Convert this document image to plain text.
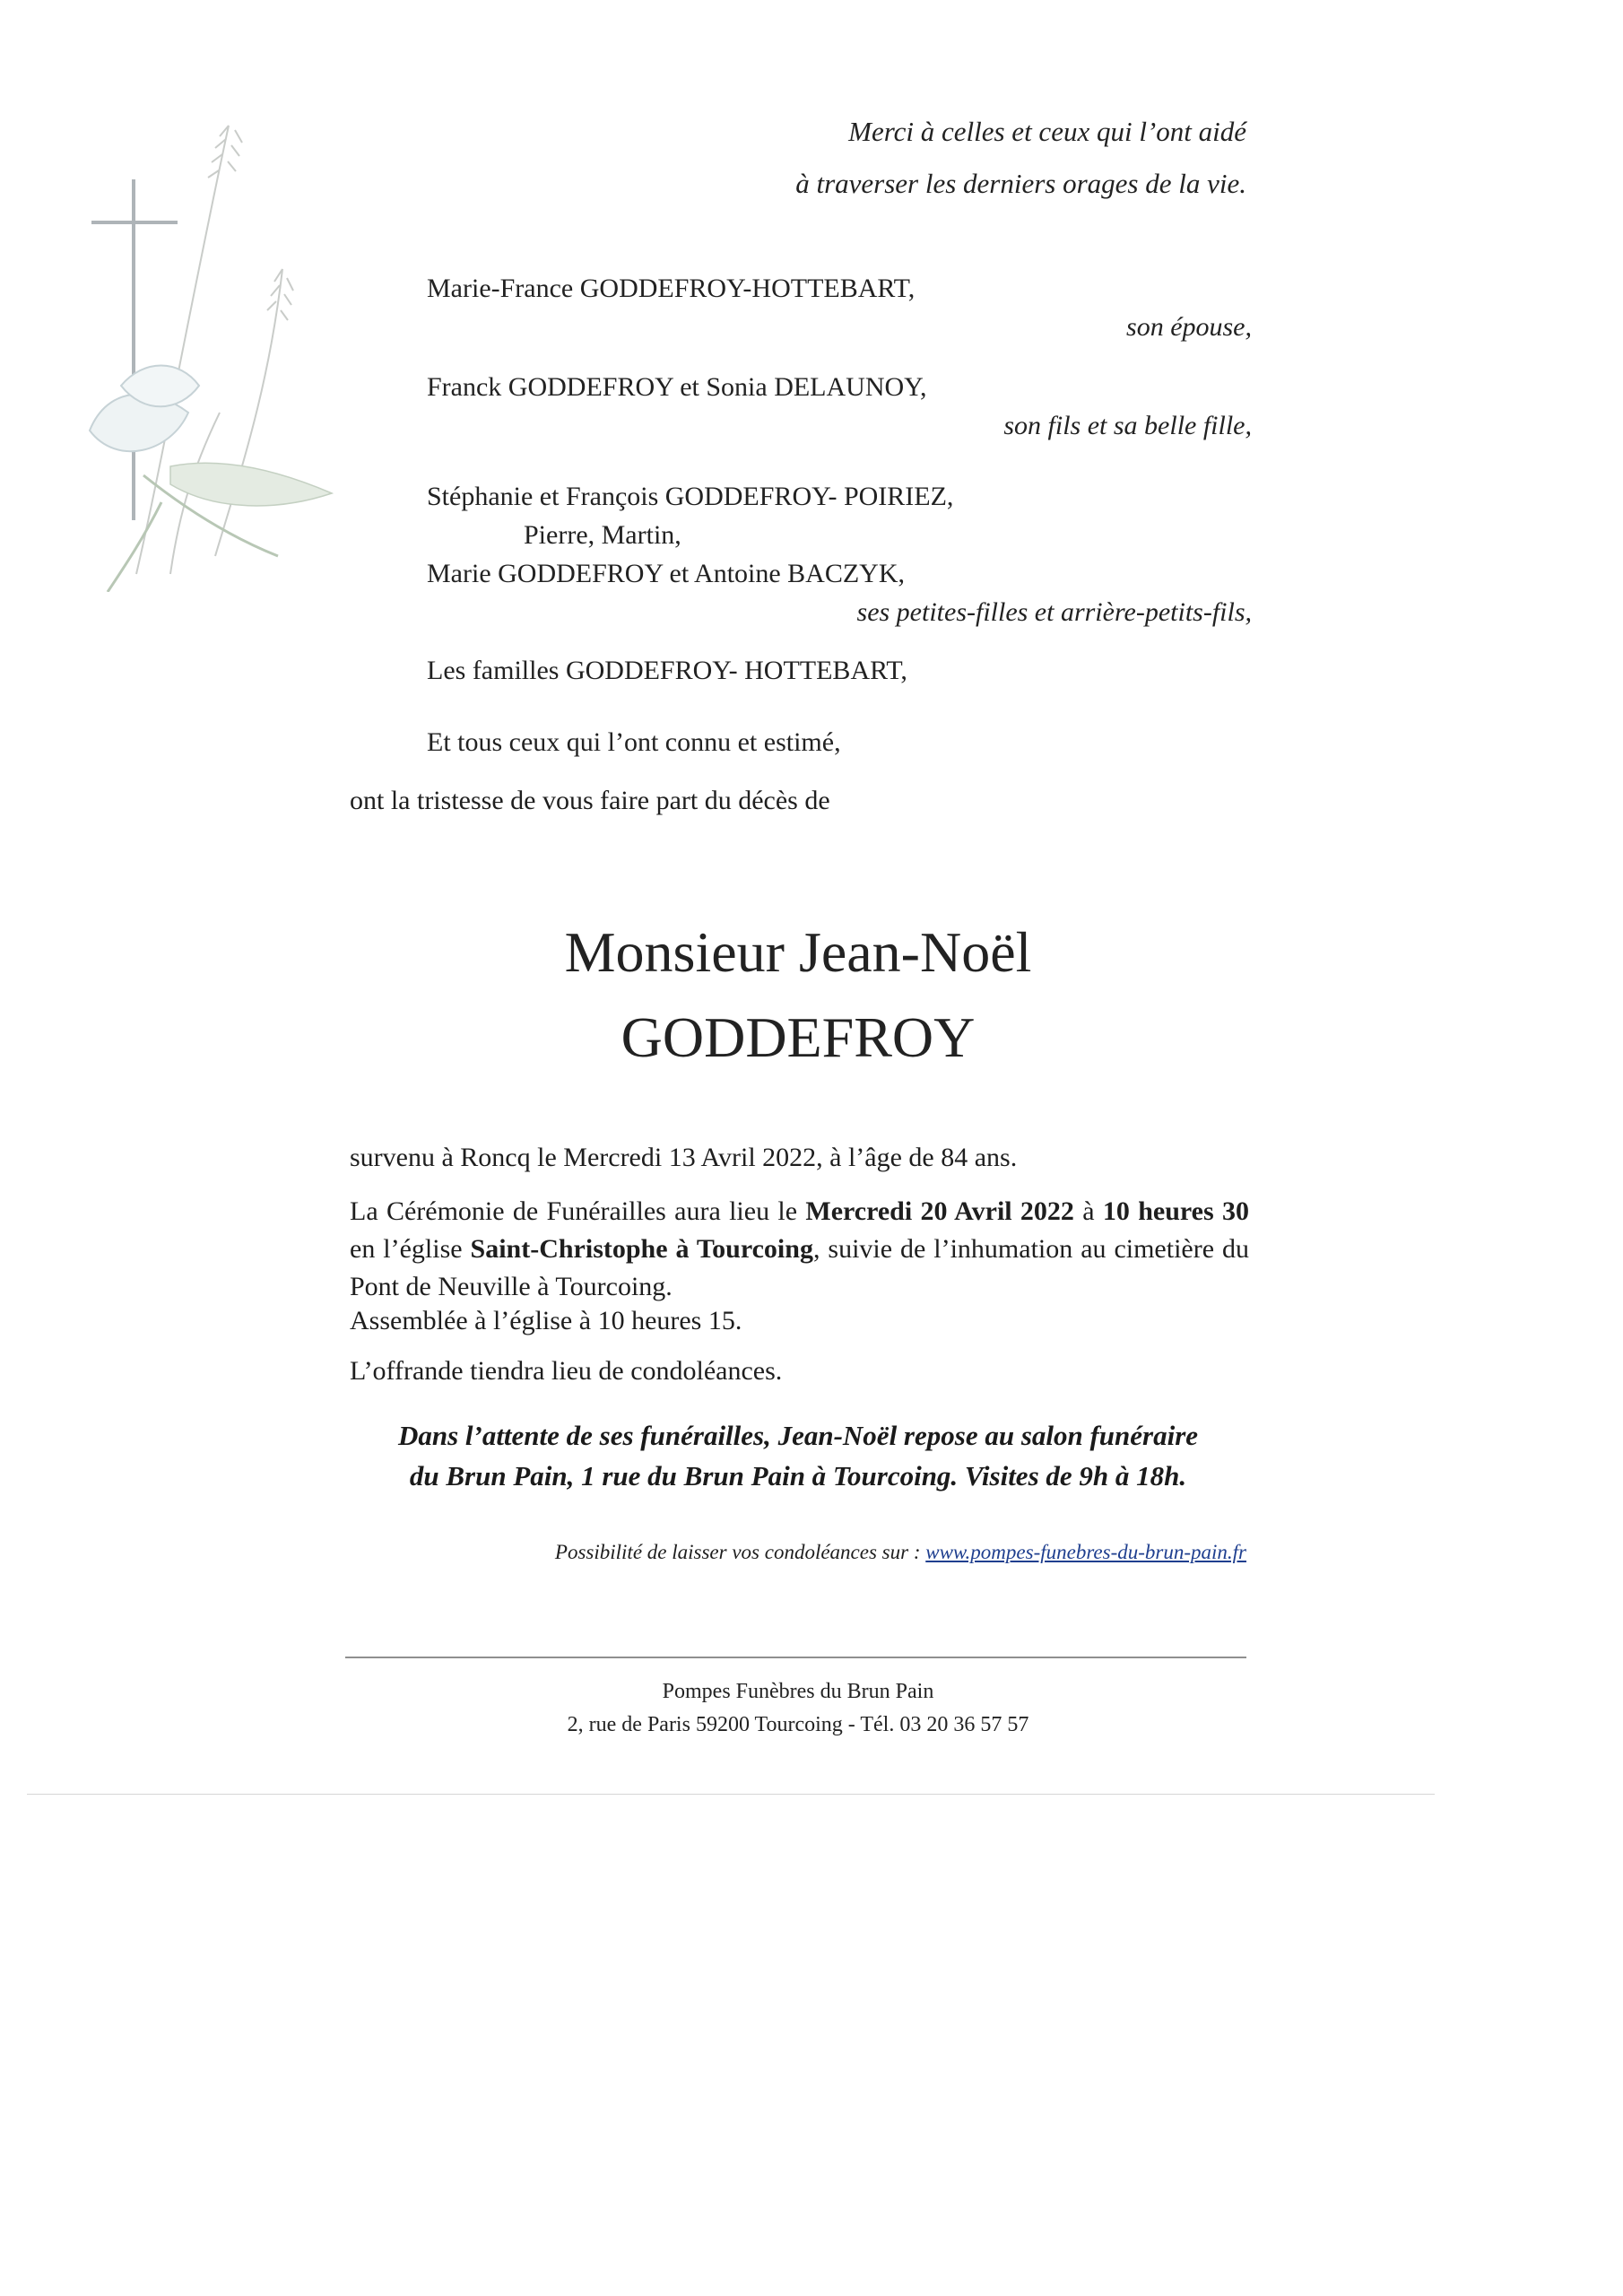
Merci à celles et ceux qui l’ont aidé
à traverser les derniers orages de la vie.
Marie-France GODDEFROY-HOTTEBART,
son épouse,
Franck GODDEFROY et Sonia DELAUNOY,
son fils et sa belle fille,
Stéphanie et François GODDEFROY- POIRIEZ,
Pierre, Martin,
Marie GODDEFROY et Antoine BACZYK,
ses petites-filles et arrière-petits-fils,
Les familles GODDEFROY- HOTTEBART,
Et tous ceux qui l’ont connu et estimé,
ont la tristesse de vous faire part du décès de
Monsieur Jean-Noël
GODDEFROY

survenu à Roncq le Mercredi 13 Avril 2022, à l’âge de 84 ans.

La Cérémonie de Funérailles aura lieu le Mercredi 20 Avril 2022 à 10 heures 30 en l’église Saint-Christophe à Tourcoing, suivie de l’inhumation au cimetière du Pont de Neuville à Tourcoing.

Assemblée à l’église à 10 heures 15.

L’offrande tiendra lieu de condoléances.

Dans l’attente de ses funérailles, Jean-Noël repose au salon funéraire
du Brun Pain, 1 rue du Brun Pain à Tourcoing. Visites de 9h à 18h.
Possibilité de laisser vos condoléances sur : www.pompes-funebres-du-brun-pain.fr
Pompes Funèbres du Brun Pain
2, rue de Paris 59200 Tourcoing - Tél. 03 20 36 57 57
